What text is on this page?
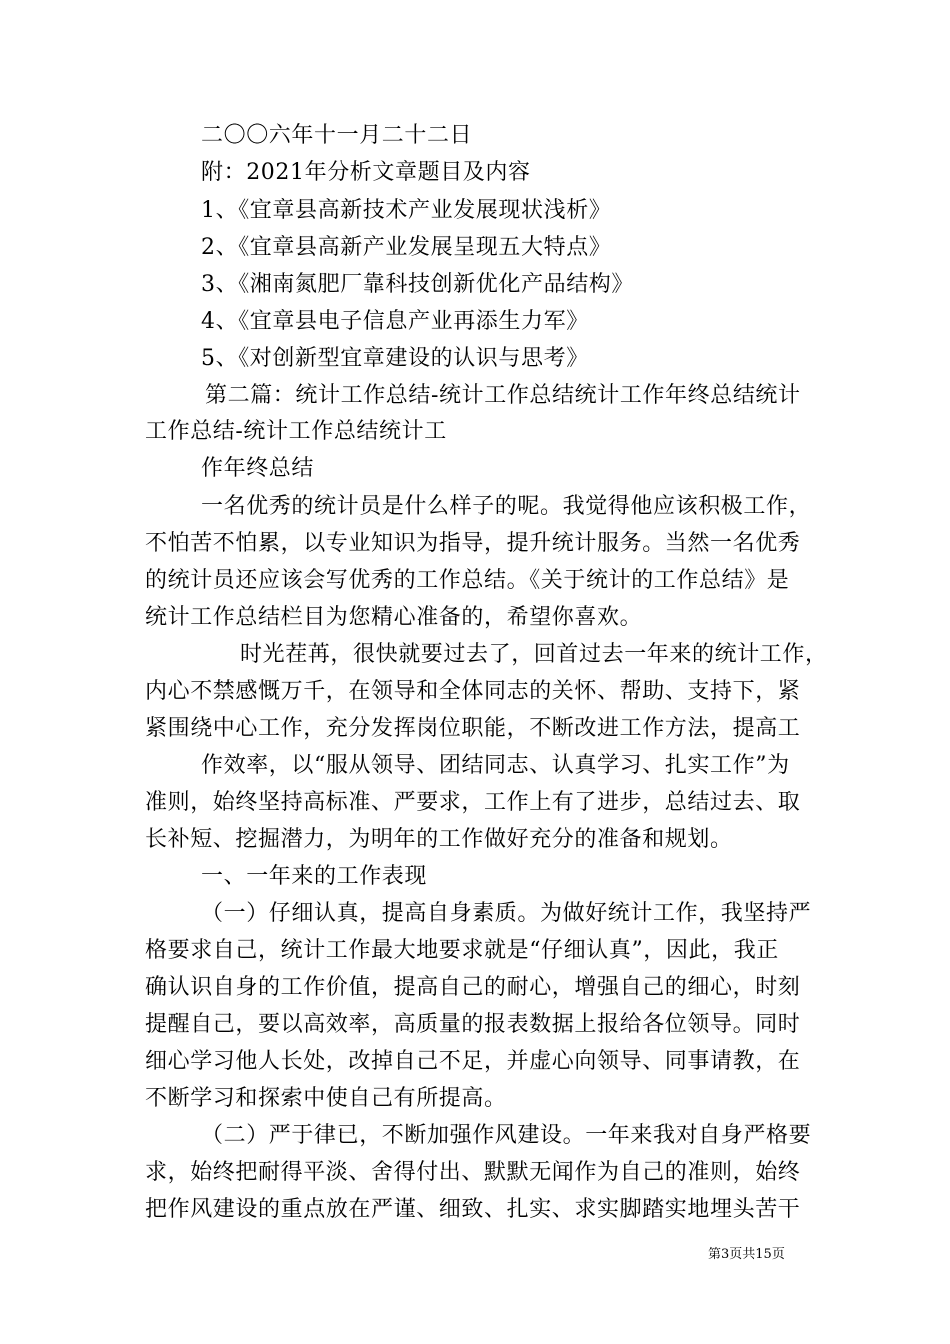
二〇〇六年十一月二十二日
附：2021年分析文章题目及内容
1、《宜章县高新技术产业发展现状浅析》
2、《宜章县高新产业发展呈现五大特点》
3、《湘南氮肥厂靠科技创新优化产品结构》
4、《宜章县电子信息产业再添生力军》
5、《对创新型宜章建设的认识与思考》
第二篇：统计工作总结-统计工作总结统计工作年终总结统计
工作总结-统计工作总结统计工
作年终总结
一名优秀的统计员是什么样子的呢。我觉得他应该积极工作，
不怕苦不怕累，以专业知识为指导，提升统计服务。当然一名优秀
的统计员还应该会写优秀的工作总结。《关于统计的工作总结》是
统计工作总结栏目为您精心准备的，希望你喜欢。
时光茬苒，很快就要过去了，回首过去一年来的统计工作，
内心不禁感慨万千，在领导和全体同志的关怀、帮助、支持下，紧
紧围绕中心工作，充分发挥岗位职能，不断改进工作方法，提高工
作效率，以“服从领导、团结同志、认真学习、扎实工作”为
准则，始终坚持高标准、严要求，工作上有了进步，总结过去、取
长补短、挖掘潜力，为明年的工作做好充分的准备和规划。
一、一年来的工作表现
（一）仔细认真，提高自身素质。为做好统计工作，我坚持严
格要求自己，统计工作最大地要求就是“仔细认真”，因此，我正
确认识自身的工作价值，提高自己的耐心，增强自己的细心，时刻
提醒自己，要以高效率，高质量的报表数据上报给各位领导。同时
细心学习他人长处，改掉自己不足，并虚心向领导、同事请教，在
不断学习和探索中使自己有所提高。
（二）严于律已，不断加强作风建设。一年来我对自身严格要
求，始终把耐得平淡、舍得付出、默默无闻作为自己的准则，始终
把作风建设的重点放在严谨、细致、扎实、求实脚踏实地埋头苦干
第3页共15页
